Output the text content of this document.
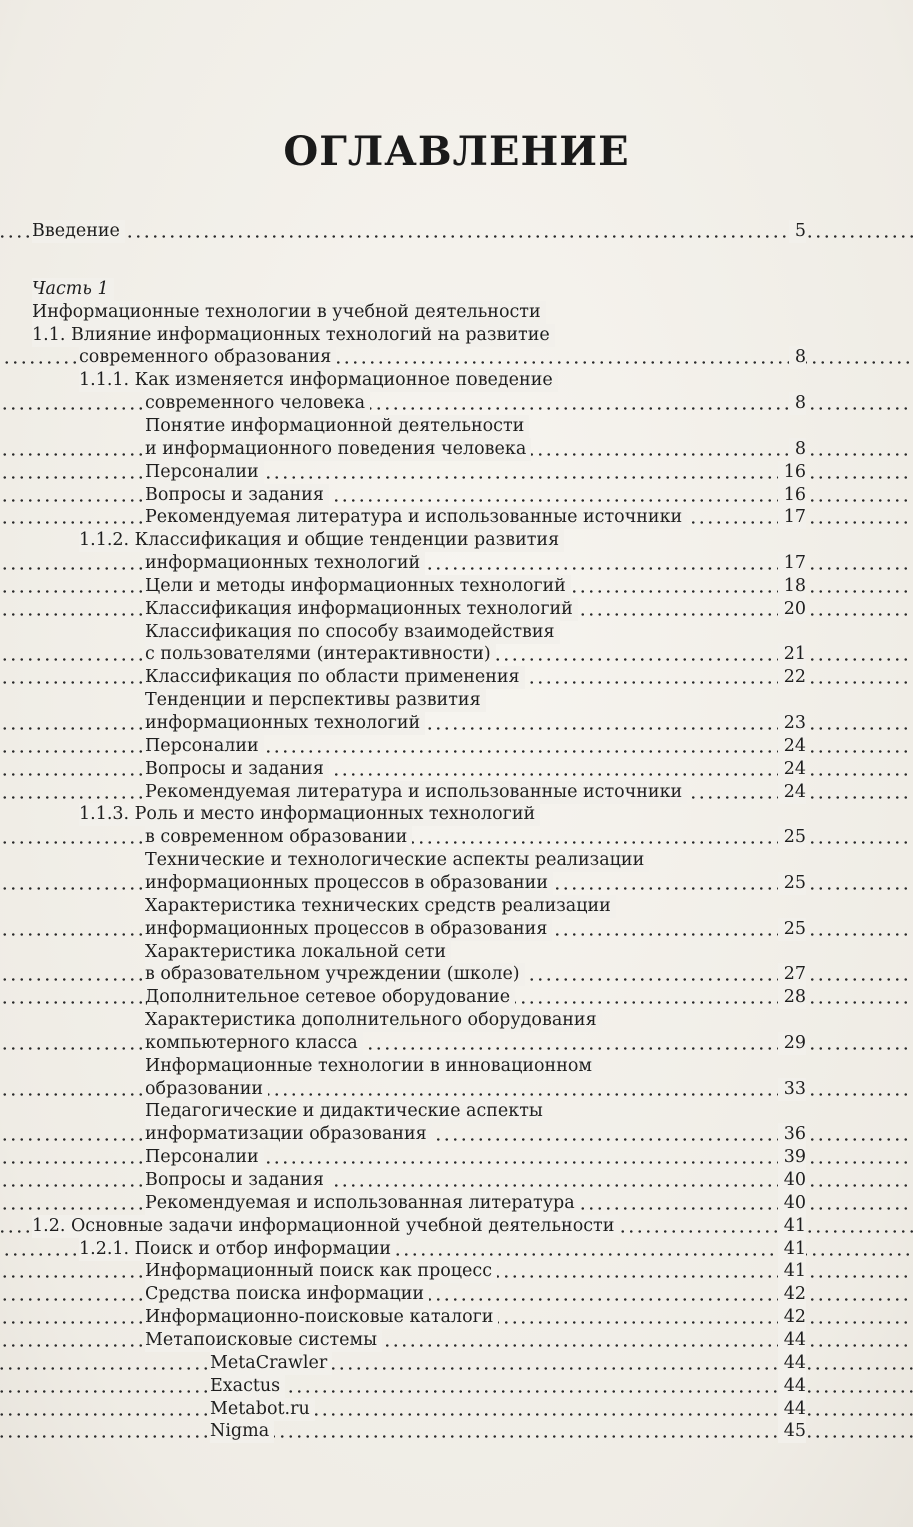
ОГЛАВЛЕНИЕ
Введение	5
Часть 1
Информационные технологии в учебной деятельности
1.1. Влияние информационных технологий на развитие
современного образования	8
1.1.1. Как изменяется информационное поведение
современного человека	8
Понятие информационной деятельности
и информационного поведения человека	8
Персоналии	16
Вопросы и задания	16
Рекомендуемая литература и использованные источники	17
1.1.2. Классификация и общие тенденции развития
информационных технологий	17
Цели и методы информационных технологий	18
Классификация информационных технологий	20
Классификация по способу взаимодействия
с пользователями (интерактивности)	21
Классификация по области применения	22
Тенденции и перспективы развития
информационных технологий	23
Персоналии	24
Вопросы и задания	24
Рекомендуемая литература и использованные источники	24
1.1.3. Роль и место информационных технологий
в современном образовании	25
Технические и технологические аспекты реализации
информационных процессов в образовании	25
Характеристика технических средств реализации
информационных процессов в образования	25
Характеристика локальной сети
в образовательном учреждении (школе)	27
Дополнительное сетевое оборудование	28
Характеристика дополнительного оборудования
компьютерного класса	29
Информационные технологии в инновационном
образовании	33
Педагогические и дидактические аспекты
информатизации образования	36
Персоналии	39
Вопросы и задания	40
Рекомендуемая и использованная литература	40
1.2. Основные задачи информационной учебной деятельности	41
1.2.1. Поиск и отбор информации	41
Информационный поиск как процесс	41
Средства поиска информации	42
Информационно-поисковые каталоги	42
Метапоисковые системы	44
MetaCrawler	44
Exactus	44
Metabot.ru	44
Nigma	45
